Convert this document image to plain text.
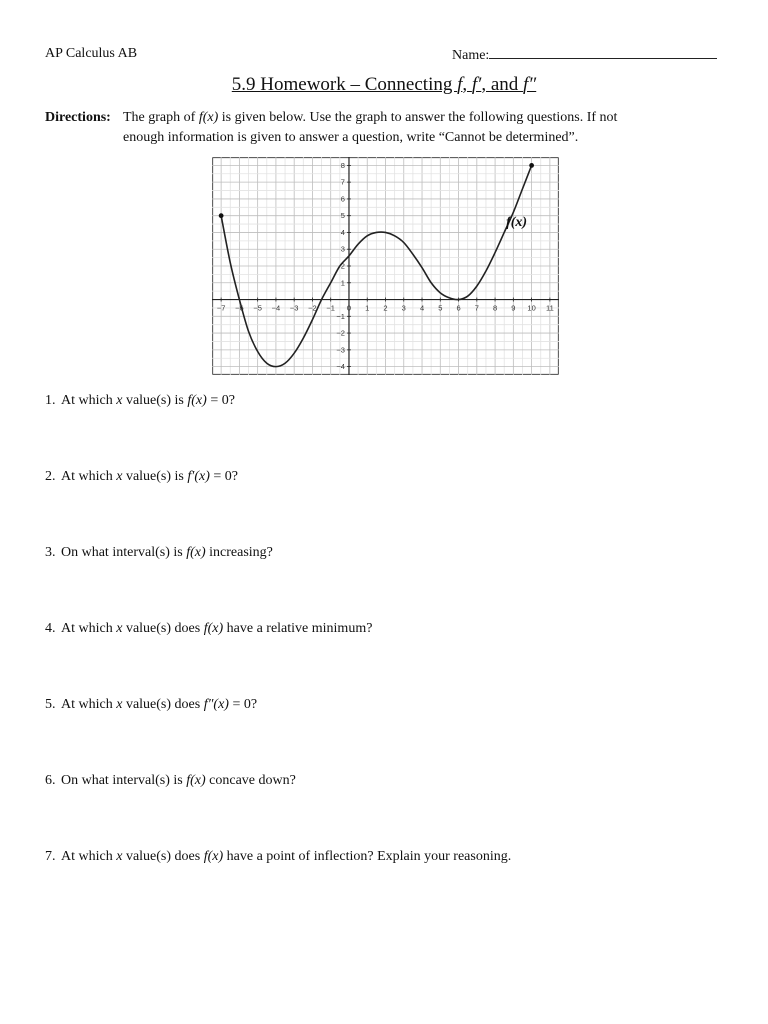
AP Calculus AB	Name:
5.9 Homework – Connecting f, f′, and f″
Directions: The graph of f(x) is given below. Use the graph to answer the following questions. If not
enough information is given to answer a question, write “Cannot be determined”.
−7 −6 −5 −4 −3 −2 −1 0 1 2 3 4 5 6 7 8 9 10 11
8
7
6
5
4
3
2
1
−1
−2
−3
−4
f(x)
1. At which x value(s) is f(x) = 0?
2. At which x value(s) is f′(x) = 0?
3. On what interval(s) is f(x) increasing?
4. At which x value(s) does f(x) have a relative minimum?
5. At which x value(s) does f″(x) = 0?
6. On what interval(s) is f(x) concave down?
7. At which x value(s) does f(x) have a point of inflection? Explain your reasoning.
